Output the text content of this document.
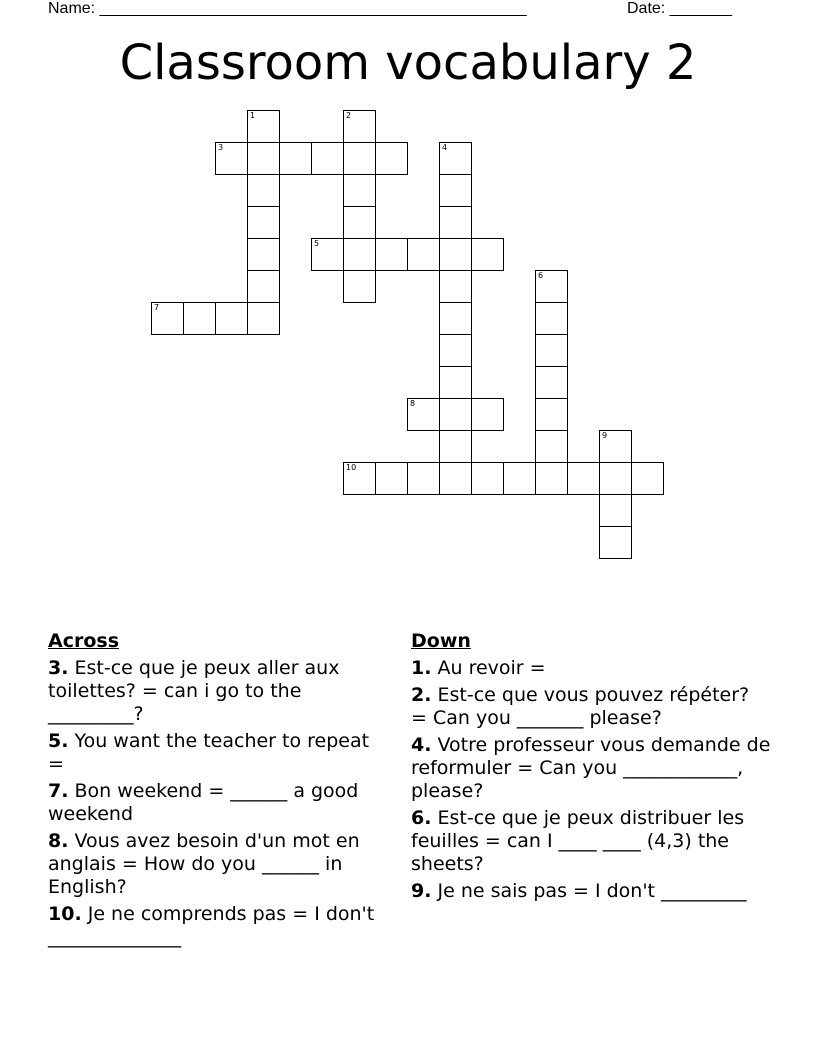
Name: ________________________________________________	Date: _______
Classroom vocabulary 2
1	2
3	4
5
6
7
8
9
10
Across
3. Est-ce que je peux aller aux toilettes? = can i go to the _________?
5. You want the teacher to repeat =
7. Bon weekend = ______ a good weekend
8. Vous avez besoin d'un mot en anglais = How do you ______ in English?
10. Je ne comprends pas = I don't ______________
Down
1. Au revoir =
2. Est-ce que vous pouvez répéter? = Can you _______ please?
4. Votre professeur vous demande de reformuler = Can you ____________, please?
6. Est-ce que je peux distribuer les feuilles = can I ____ ____ (4,3) the sheets?
9. Je ne sais pas = I don't _________
